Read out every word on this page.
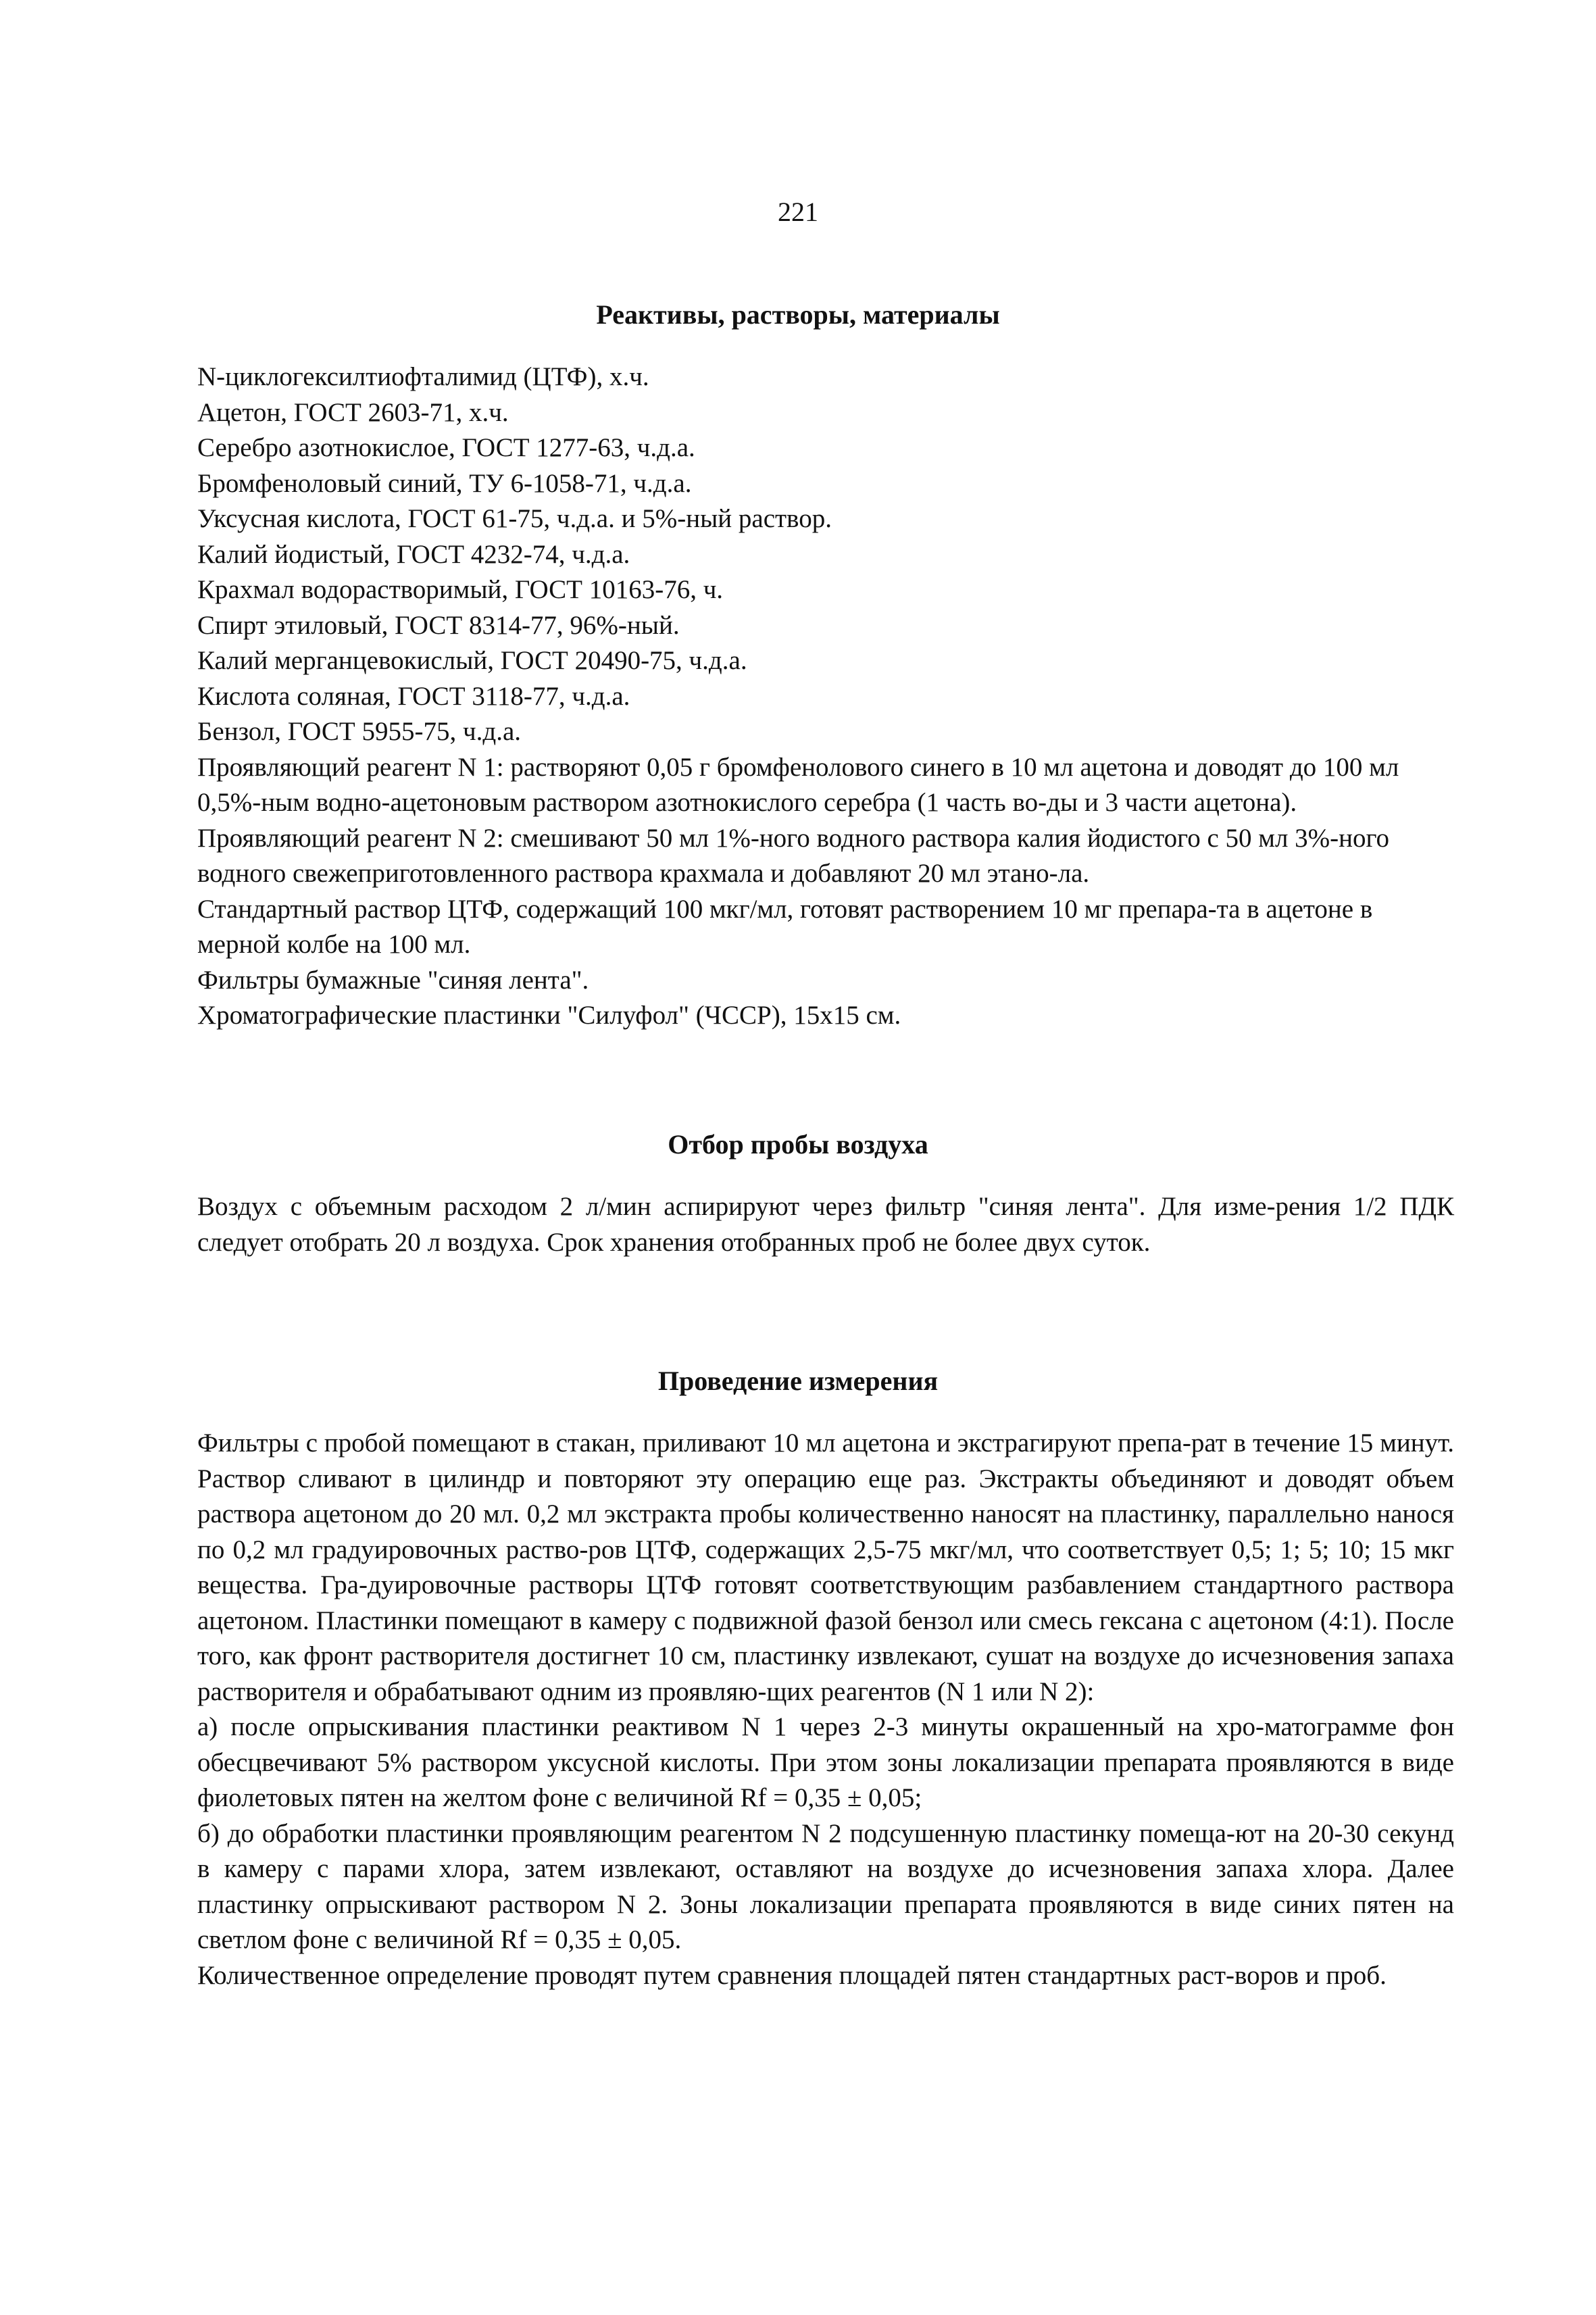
221
Реактивы, растворы, материалы

N-циклогексилтиофталимид (ЦТФ), х.ч.

Ацетон, ГОСТ 2603-71, х.ч.

Серебро азотнокислое, ГОСТ 1277-63, ч.д.а.

Бромфеноловый синий, ТУ 6-1058-71, ч.д.а.

Уксусная кислота, ГОСТ 61-75, ч.д.а. и 5%-ный раствор.

Калий йодистый, ГОСТ 4232-74, ч.д.а.

Крахмал водорастворимый, ГОСТ 10163-76, ч.

Спирт этиловый, ГОСТ 8314-77, 96%-ный.

Калий мерганцевокислый, ГОСТ 20490-75, ч.д.а.

Кислота соляная, ГОСТ 3118-77, ч.д.а.

Бензол, ГОСТ 5955-75, ч.д.а.

Проявляющий реагент N 1: растворяют 0,05 г бромфенолового синего в 10 мл ацетона и доводят до 100 мл 0,5%-ным водно-ацетоновым раствором азотнокислого серебра (1 часть во-ды и 3 части ацетона).

Проявляющий реагент N 2: смешивают 50 мл 1%-ного водного раствора калия йодистого с 50 мл 3%-ного водного свежеприготовленного раствора крахмала и добавляют 20 мл этано-ла.

Стандартный раствор ЦТФ, содержащий 100 мкг/мл, готовят растворением 10 мг препара-та в ацетоне в мерной колбе на 100 мл.

Фильтры бумажные "синяя лента".

Хроматографические пластинки "Силуфол" (ЧССР), 15x15 см.

Отбор пробы воздуха

Воздух с объемным расходом 2 л/мин аспирируют через фильтр "синяя лента". Для изме-рения 1/2 ПДК следует отобрать 20 л воздуха. Срок хранения отобранных проб не более двух суток.

Проведение измерения

Фильтры с пробой помещают в стакан, приливают 10 мл ацетона и экстрагируют препа-рат в течение 15 минут. Раствор сливают в цилиндр и повторяют эту операцию еще раз. Экстракты объединяют и доводят объем раствора ацетоном до 20 мл. 0,2 мл экстракта пробы количественно наносят на пластинку, параллельно нанося по 0,2 мл градуировочных раство-ров ЦТФ, содержащих 2,5-75 мкг/мл, что соответствует 0,5; 1; 5; 10; 15 мкг вещества. Гра-дуировочные растворы ЦТФ готовят соответствующим разбавлением стандартного раствора ацетоном. Пластинки помещают в камеру с подвижной фазой бензол или смесь гексана с ацетоном (4:1). После того, как фронт растворителя достигнет 10 см, пластинку извлекают, сушат на воздухе до исчезновения запаха растворителя и обрабатывают одним из проявляю-щих реагентов (N 1 или N 2):

а) после опрыскивания пластинки реактивом N 1 через 2-3 минуты окрашенный на хро-матограмме фон обесцвечивают 5% раствором уксусной кислоты. При этом зоны локализации препарата проявляются в виде фиолетовых пятен на желтом фоне с величиной Rf = 0,35 ± 0,05;

б) до обработки пластинки проявляющим реагентом N 2 подсушенную пластинку помеща-ют на 20-30 секунд в камеру с парами хлора, затем извлекают, оставляют на воздухе до исчезновения запаха хлора. Далее пластинку опрыскивают раствором N 2. Зоны локализации препарата проявляются в виде синих пятен на светлом фоне с величиной Rf = 0,35 ± 0,05.

Количественное определение проводят путем сравнения площадей пятен стандартных раст-воров и проб.
